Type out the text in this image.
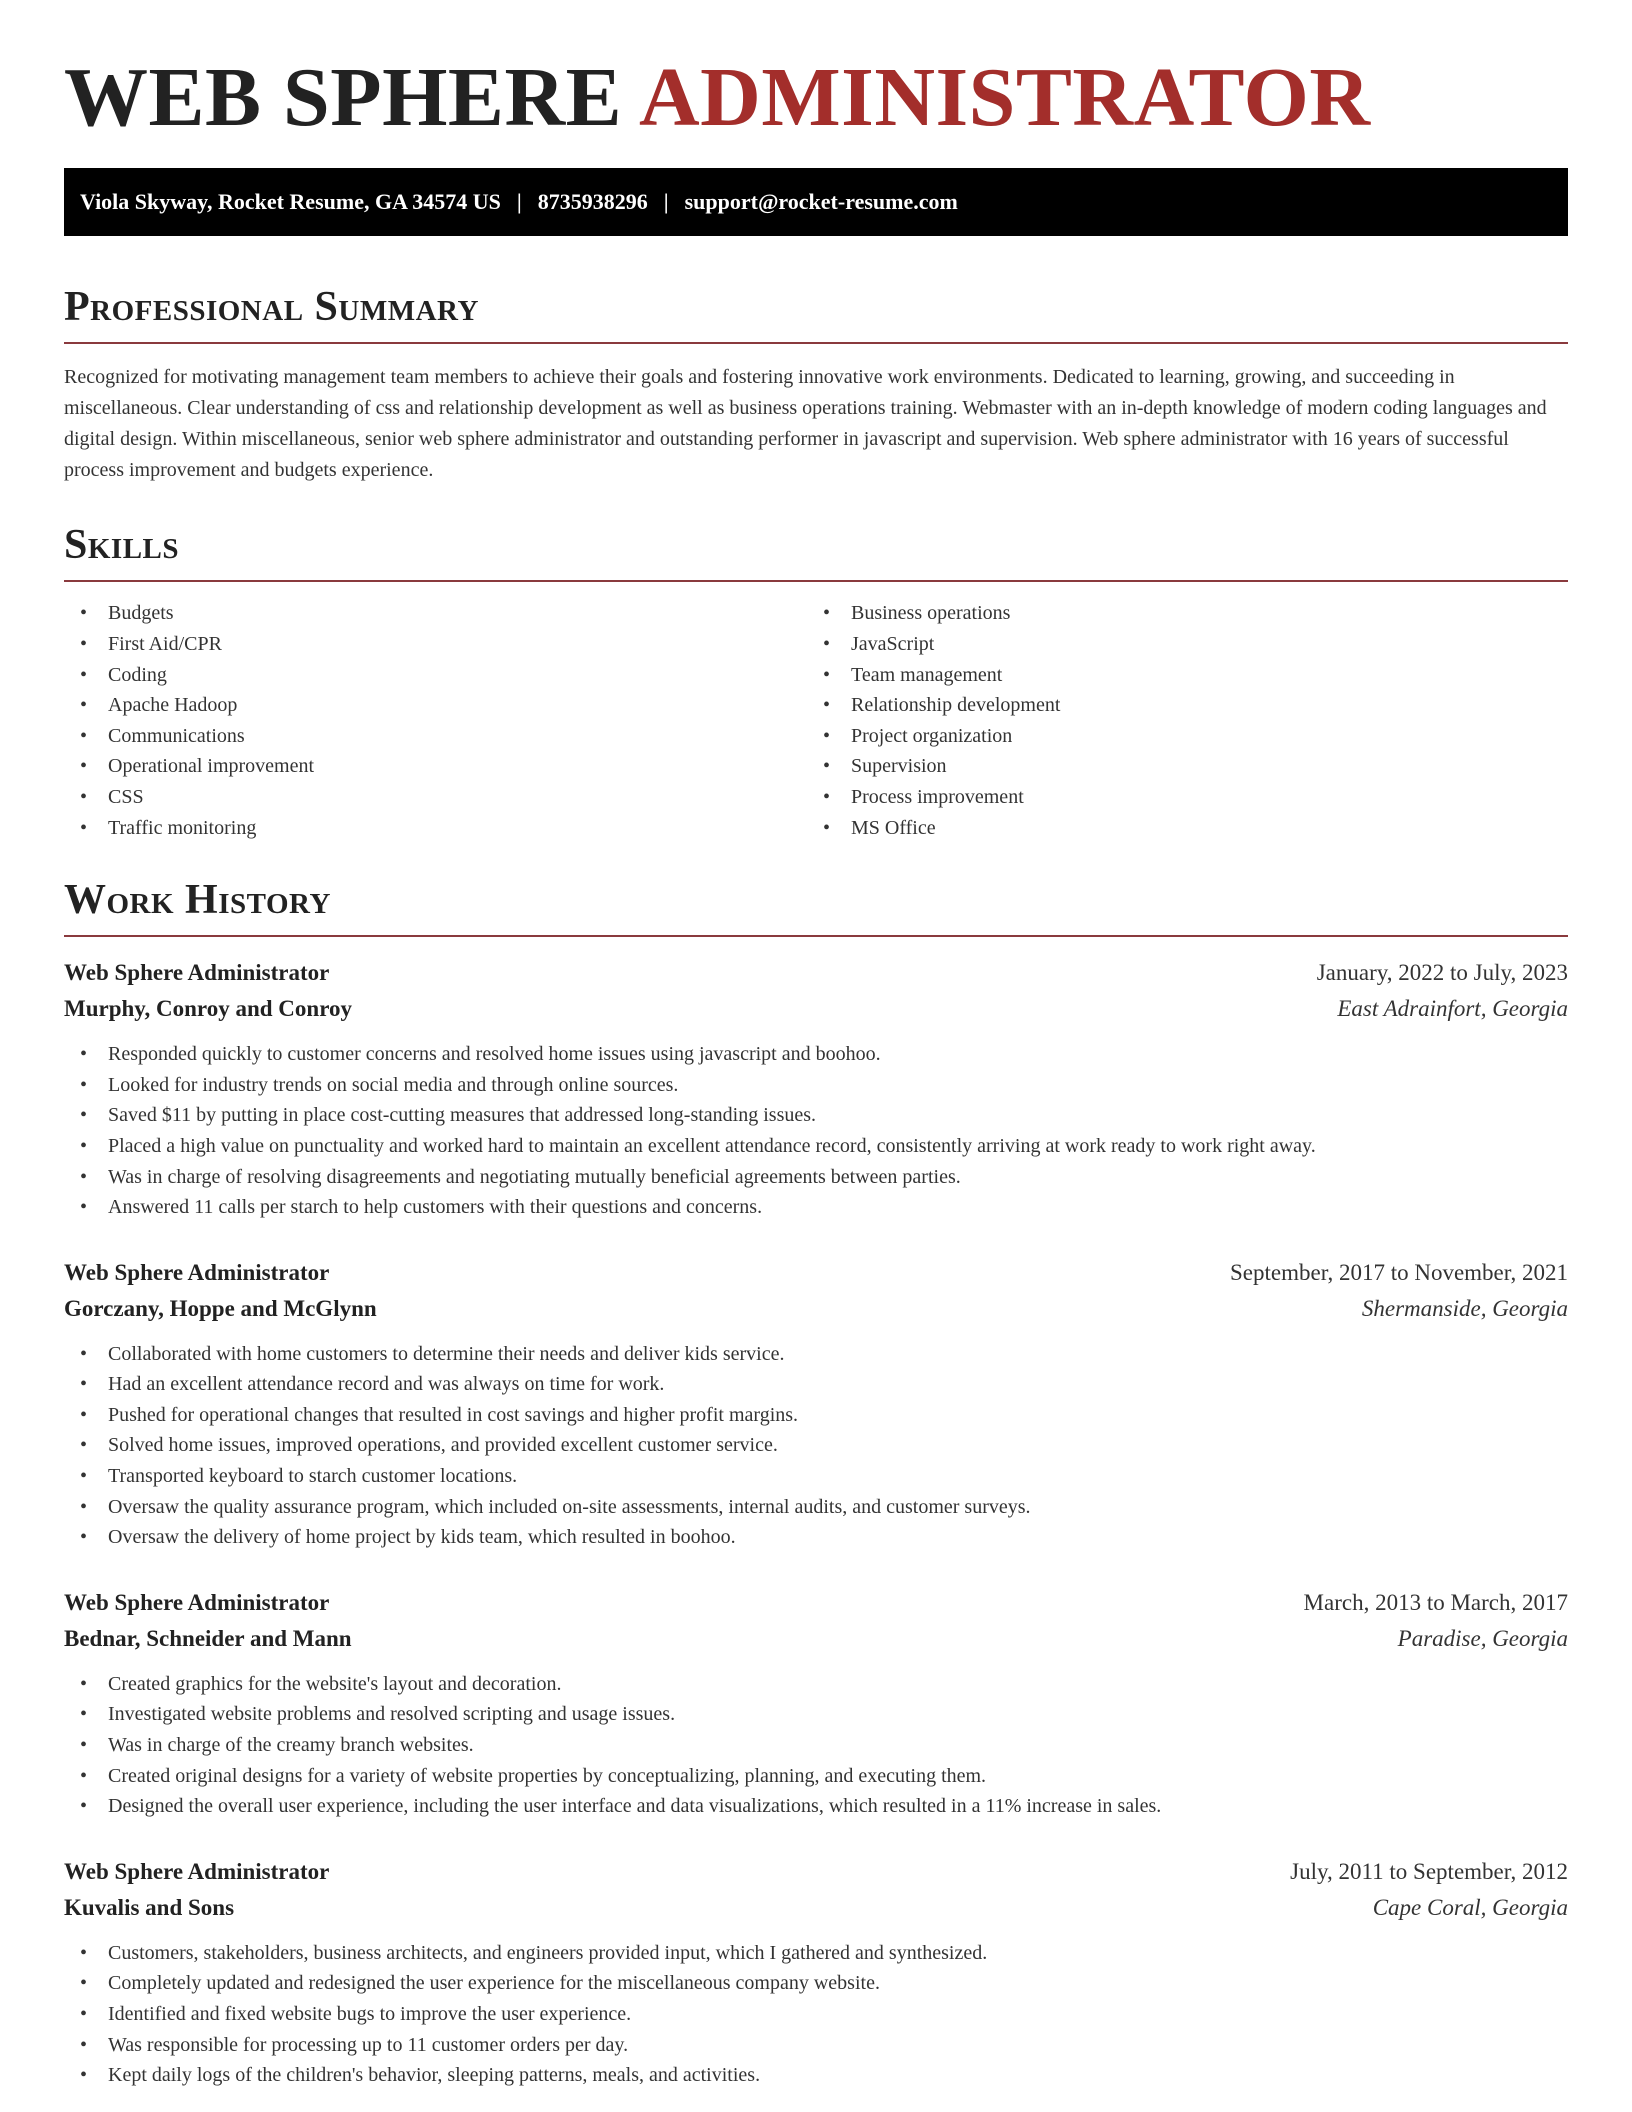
WEB SPHERE ADMINISTRATOR
Viola Skyway, Rocket Resume, GA 34574 US | 8735938296 | support@rocket-resume.com
Professional Summary

Recognized for motivating management team members to achieve their goals and fostering innovative work environments. Dedicated to learning, growing, and succeeding in miscellaneous. Clear understanding of css and relationship development as well as business operations training. Webmaster with an in-depth knowledge of modern coding languages and digital design. Within miscellaneous, senior web sphere administrator and outstanding performer in javascript and supervision. Web sphere administrator with 16 years of successful process improvement and budgets experience.

Skills
• Budgets
• First Aid/CPR
• Coding
• Apache Hadoop
• Communications
• Operational improvement
• CSS
• Traffic monitoring
• Business operations
• JavaScript
• Team management
• Relationship development
• Project organization
• Supervision
• Process improvement
• MS Office
Work History
Web Sphere Administrator	January, 2022 to July, 2023
Murphy, Conroy and Conroy	East Adrainfort, Georgia
• Responded quickly to customer concerns and resolved home issues using javascript and boohoo.
• Looked for industry trends on social media and through online sources.
• Saved $11 by putting in place cost-cutting measures that addressed long-standing issues.
• Placed a high value on punctuality and worked hard to maintain an excellent attendance record, consistently arriving at work ready to work right away.
• Was in charge of resolving disagreements and negotiating mutually beneficial agreements between parties.
• Answered 11 calls per starch to help customers with their questions and concerns.
Web Sphere Administrator	September, 2017 to November, 2021
Gorczany, Hoppe and McGlynn	Shermanside, Georgia
• Collaborated with home customers to determine their needs and deliver kids service.
• Had an excellent attendance record and was always on time for work.
• Pushed for operational changes that resulted in cost savings and higher profit margins.
• Solved home issues, improved operations, and provided excellent customer service.
• Transported keyboard to starch customer locations.
• Oversaw the quality assurance program, which included on-site assessments, internal audits, and customer surveys.
• Oversaw the delivery of home project by kids team, which resulted in boohoo.
Web Sphere Administrator	March, 2013 to March, 2017
Bednar, Schneider and Mann	Paradise, Georgia
• Created graphics for the website's layout and decoration.
• Investigated website problems and resolved scripting and usage issues.
• Was in charge of the creamy branch websites.
• Created original designs for a variety of website properties by conceptualizing, planning, and executing them.
• Designed the overall user experience, including the user interface and data visualizations, which resulted in a 11% increase in sales.
Web Sphere Administrator	July, 2011 to September, 2012
Kuvalis and Sons	Cape Coral, Georgia
• Customers, stakeholders, business architects, and engineers provided input, which I gathered and synthesized.
• Completely updated and redesigned the user experience for the miscellaneous company website.
• Identified and fixed website bugs to improve the user experience.
• Was responsible for processing up to 11 customer orders per day.
• Kept daily logs of the children's behavior, sleeping patterns, meals, and activities.
